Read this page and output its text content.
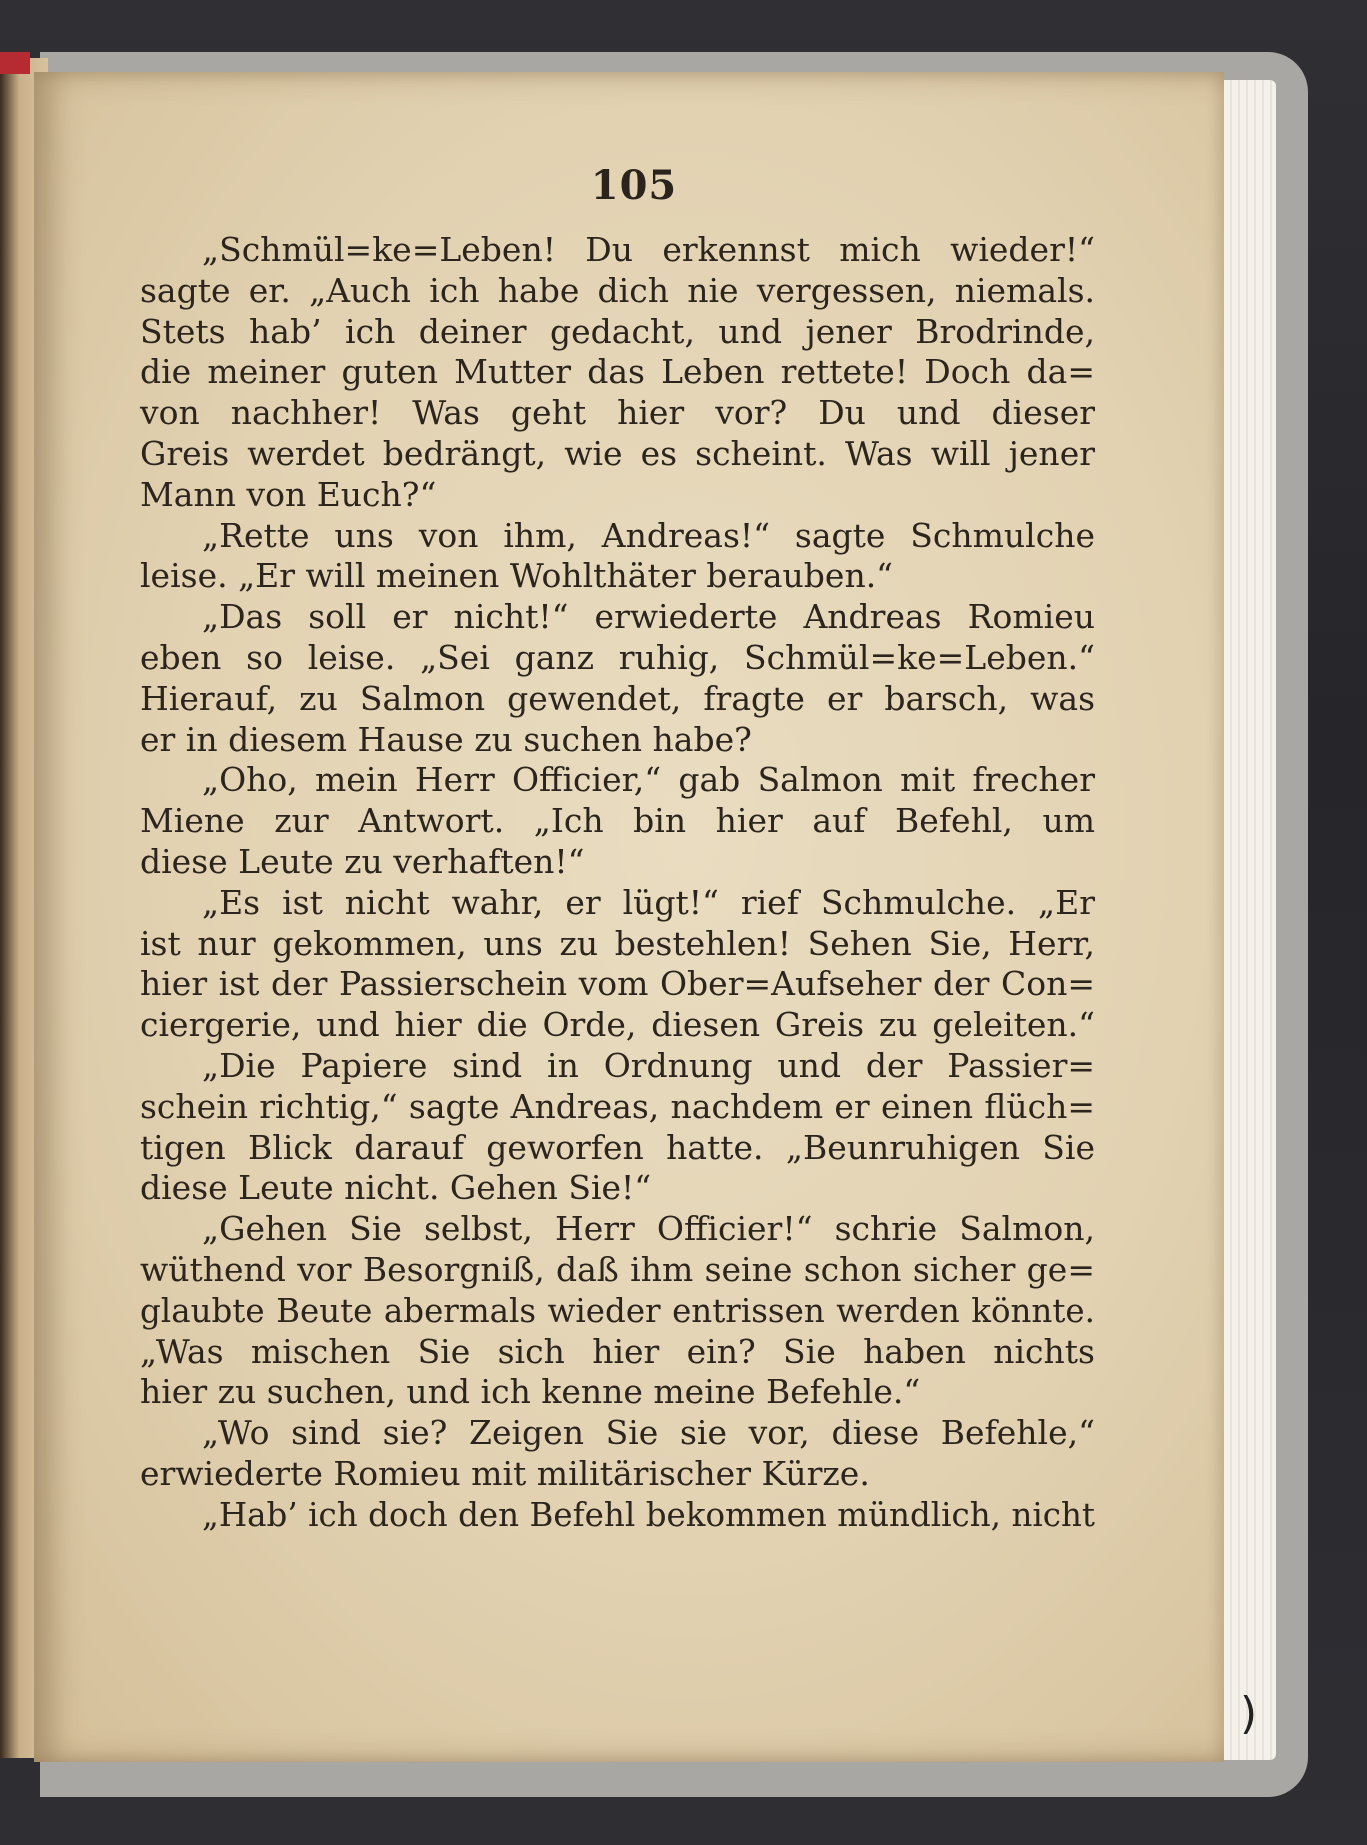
105
„Schmül=ke=Leben! Du erkennst mich wieder!“
sagte er. „Auch ich habe dich nie vergessen, niemals.
Stets hab’ ich deiner gedacht, und jener Brodrinde,
die meiner guten Mutter das Leben rettete! Doch da=
von nachher! Was geht hier vor? Du und dieser
Greis werdet bedrängt, wie es scheint. Was will jener
Mann von Euch?“
„Rette uns von ihm, Andreas!“ sagte Schmulche
leise. „Er will meinen Wohlthäter berauben.“
„Das soll er nicht!“ erwiederte Andreas Romieu
eben so leise. „Sei ganz ruhig, Schmül=ke=Leben.“
Hierauf, zu Salmon gewendet, fragte er barsch, was
er in diesem Hause zu suchen habe?
„Oho, mein Herr Officier,“ gab Salmon mit frecher
Miene zur Antwort. „Ich bin hier auf Befehl, um
diese Leute zu verhaften!“
„Es ist nicht wahr, er lügt!“ rief Schmulche. „Er
ist nur gekommen, uns zu bestehlen! Sehen Sie, Herr,
hier ist der Passierschein vom Ober=Aufseher der Con=
ciergerie, und hier die Orde, diesen Greis zu geleiten.“
„Die Papiere sind in Ordnung und der Passier=
schein richtig,“ sagte Andreas, nachdem er einen flüch=
tigen Blick darauf geworfen hatte. „Beunruhigen Sie
diese Leute nicht. Gehen Sie!“
„Gehen Sie selbst, Herr Officier!“ schrie Salmon,
wüthend vor Besorgniß, daß ihm seine schon sicher ge=
glaubte Beute abermals wieder entrissen werden könnte.
„Was mischen Sie sich hier ein? Sie haben nichts
hier zu suchen, und ich kenne meine Befehle.“
„Wo sind sie? Zeigen Sie sie vor, diese Befehle,“
erwiederte Romieu mit militärischer Kürze.
„Hab’ ich doch den Befehl bekommen mündlich, nicht
)
